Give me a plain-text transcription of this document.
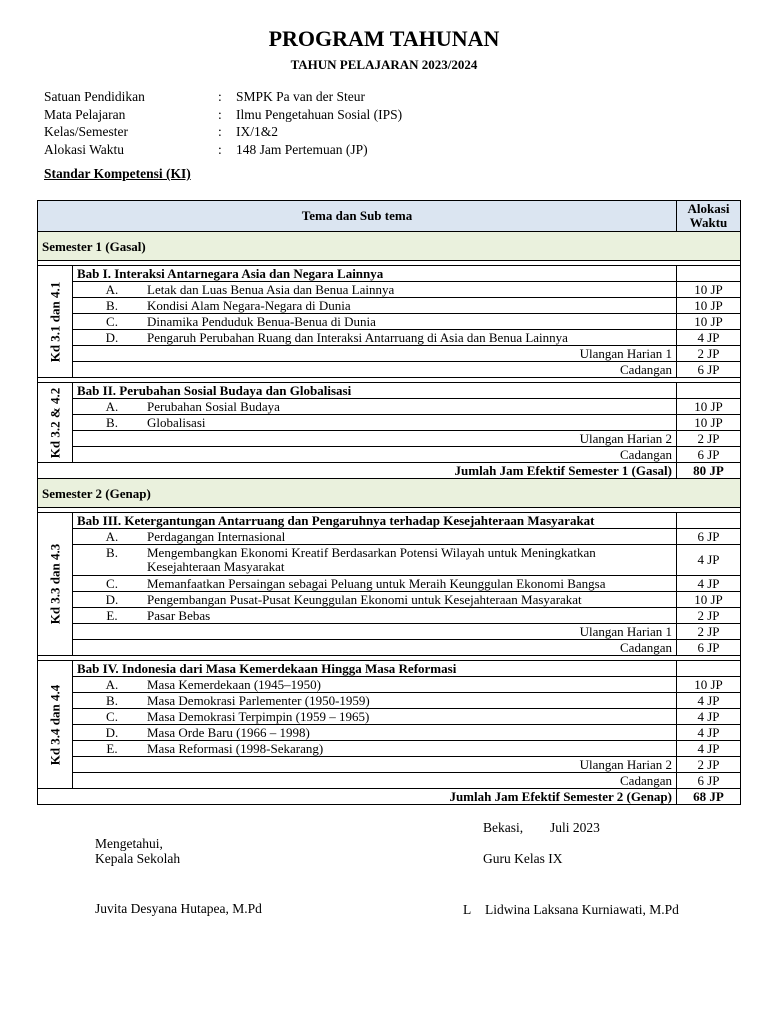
PROGRAM TAHUNAN
TAHUN PELAJARAN 2023/2024
Satuan Pendidikan	:	SMPK Pa van der Steur
Mata Pelajaran	:	Ilmu Pengetahuan Sosial (IPS)
Kelas/Semester	:	IX/1&2
Alokasi Waktu	:	148 Jam Pertemuan (JP)
Standar Kompetensi (KI)
Tema dan Sub tema		Alokasi Waktu
Semester 1 (Gasal)		

Kd 3.1 dan 4.1	Bab I. Interaksi Antarnegara Asia dan Negara Lainnya	

	A. Letak dan Luas Benua Asia dan Benua Lainnya	10 JP

	B. Kondisi Alam Negara-Negara di Dunia	10 JP

	C. Dinamika Penduduk Benua-Benua di Dunia	10 JP

	D. Pengaruh Perubahan Ruang dan Interaksi Antarruang di Asia dan Benua Lainnya	4 JP
	Ulangan Harian 1	2 JP
	Cadangan	6 JP

Kd 3.2 & 4.2	Bab II. Perubahan Sosial Budaya dan Globalisasi	

	A. Perubahan Sosial Budaya	10 JP

	B. Globalisasi	10 JP
	Ulangan Harian 2	2 JP
	Cadangan	6 JP
Jumlah Jam Efektif Semester 1 (Gasal)		80 JP
Semester 2 (Genap)		

Kd 3.3 dan 4.3	Bab III. Ketergantungan Antarruang dan Pengaruhnya terhadap Kesejahteraan Masyarakat	

	A. Perdagangan Internasional	6 JP

	B. Mengembangkan Ekonomi Kreatif Berdasarkan Potensi Wilayah untuk Meningkatkan Kesejahteraan Masyarakat	4 JP

	C. Memanfaatkan Persaingan sebagai Peluang untuk Meraih Keunggulan Ekonomi Bangsa	4 JP

	D. Pengembangan Pusat-Pusat Keunggulan Ekonomi untuk Kesejahteraan Masyarakat	10 JP

	E. Pasar Bebas	2 JP
	Ulangan Harian 1	2 JP
	Cadangan	6 JP

Kd 3.4 dan 4.4	Bab IV. Indonesia dari Masa Kemerdekaan Hingga Masa Reformasi	

	A. Masa Kemerdekaan (1945–1950)	10 JP

	B. Masa Demokrasi Parlementer (1950-1959)	4 JP

	C. Masa Demokrasi Terpimpin (1959 – 1965)	4 JP

	D. Masa Orde Baru (1966 – 1998)	4 JP

	E. Masa Reformasi (1998-Sekarang)	4 JP
	Ulangan Harian 2	2 JP
	Cadangan	6 JP
Jumlah Jam Efektif Semester 2 (Genap)		68 JP
Bekasi, Juli 2023
Mengetahui,
Kepala Sekolah	Guru Kelas IX
Juvita Desyana Hutapea, M.Pd	L Lidwina Laksana Kurniawati, M.Pd
